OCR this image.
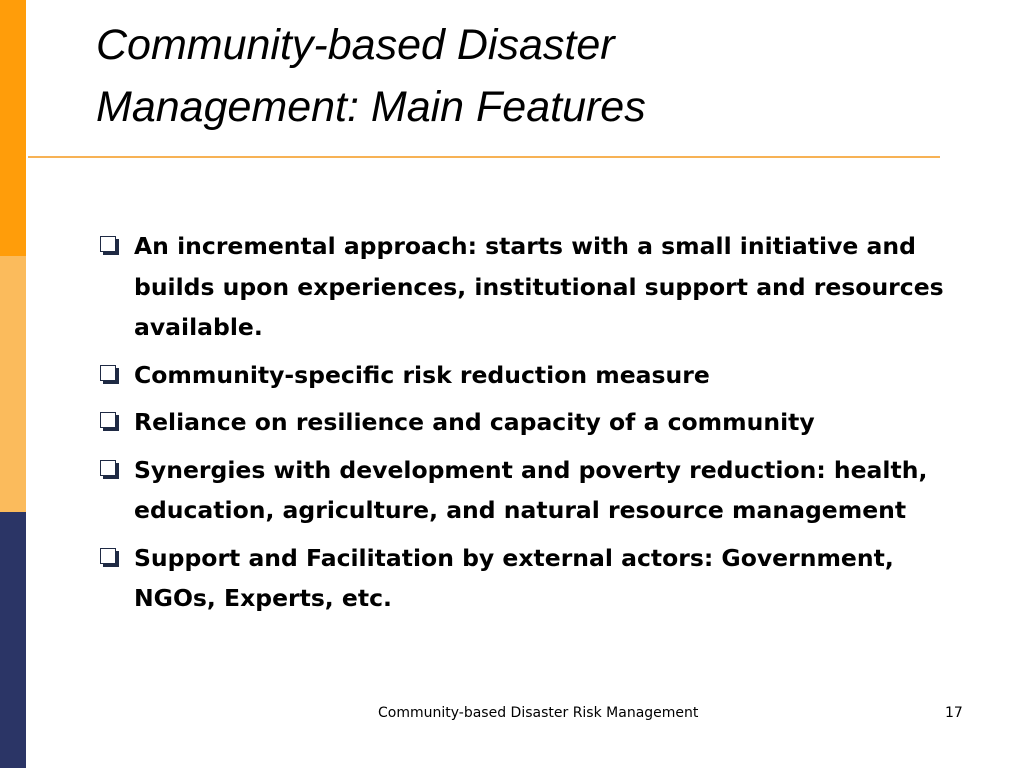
Community-based Disaster
Management: Main Features
An incremental approach: starts with a small initiative and builds upon experiences, institutional support and resources available.
Community-specific risk reduction measure
Reliance on resilience and capacity of a community
Synergies with development and poverty reduction: health, education, agriculture, and natural resource management
Support and Facilitation by external actors: Government, NGOs, Experts, etc.
Community-based Disaster Risk Management	17
